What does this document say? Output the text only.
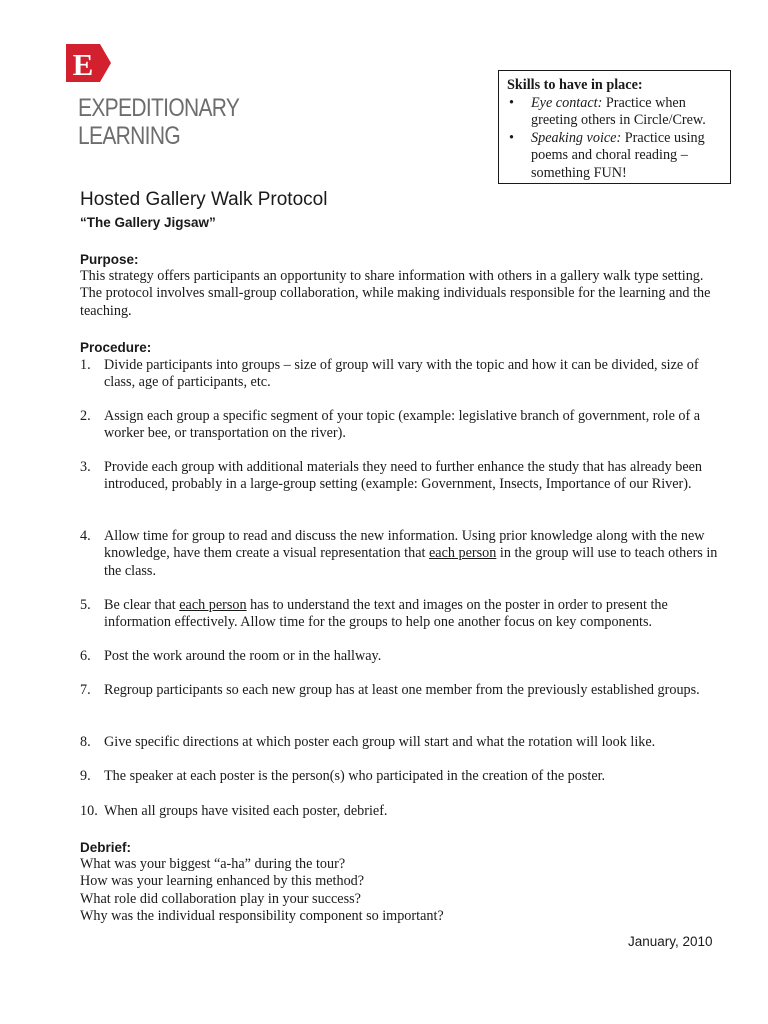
E
EXPEDITIONARY
LEARNING
Skills to have in place:
• Eye contact: Practice when greeting others in Circle/Crew.
• Speaking voice: Practice using poems and choral reading – something FUN!
Hosted Gallery Walk Protocol
“The Gallery Jigsaw”
Purpose:
This strategy offers participants an opportunity to share information with others in a gallery walk type setting. The protocol involves small-group collaboration, while making individuals responsible for the learning and the teaching.
Procedure:
1. Divide participants into groups – size of group will vary with the topic and how it can be divided, size of class, age of participants, etc.
2. Assign each group a specific segment of your topic (example: legislative branch of government, role of a worker bee, or transportation on the river).
3. Provide each group with additional materials they need to further enhance the study that has already been introduced, probably in a large-group setting (example: Government, Insects, Importance of our River).
4. Allow time for group to read and discuss the new information. Using prior knowledge along with the new knowledge, have them create a visual representation that each person in the group will use to teach others in the class.
5. Be clear that each person has to understand the text and images on the poster in order to present the information effectively. Allow time for the groups to help one another focus on key components.
6. Post the work around the room or in the hallway.
7. Regroup participants so each new group has at least one member from the previously established groups.
8. Give specific directions at which poster each group will start and what the rotation will look like.
9. The speaker at each poster is the person(s) who participated in the creation of the poster.
10. When all groups have visited each poster, debrief.
Debrief:
What was your biggest “a-ha” during the tour?
How was your learning enhanced by this method?
What role did collaboration play in your success?
Why was the individual responsibility component so important?
January, 2010
